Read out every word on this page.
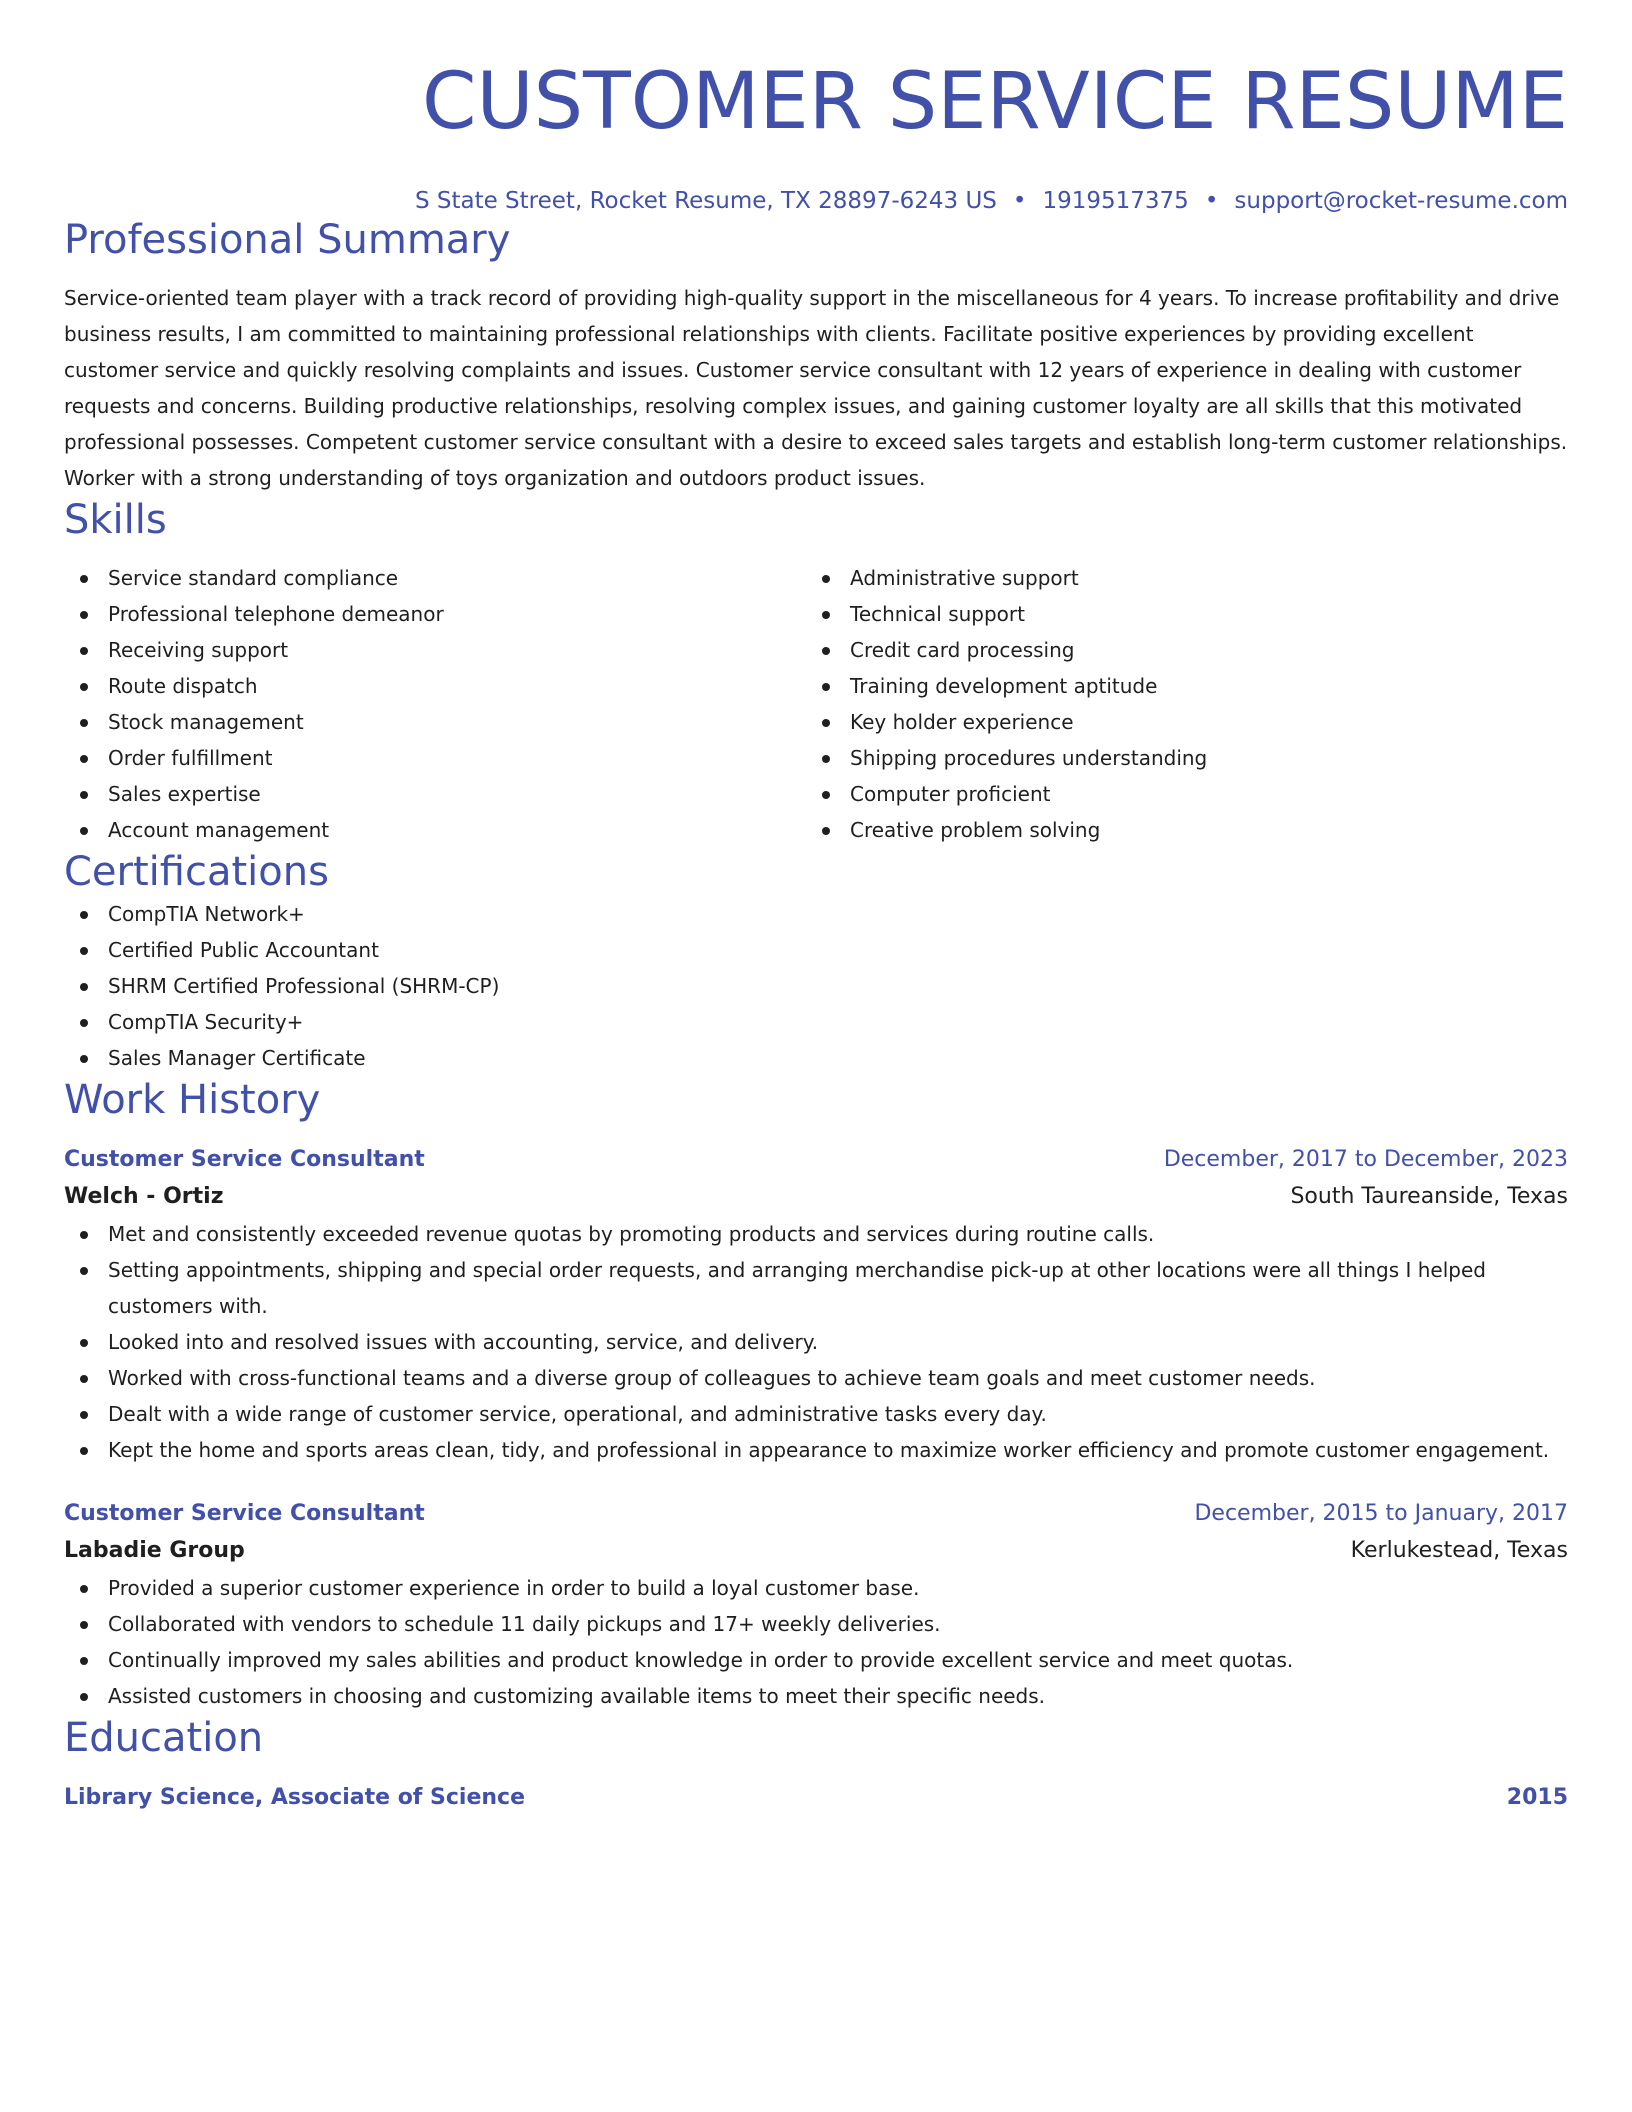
CUSTOMER SERVICE RESUME
S State Street, Rocket Resume, TX 28897-6243 US • 1919517375 • support@rocket-resume.com
Professional Summary
Service-oriented team player with a track record of providing high-quality support in the miscellaneous for 4 years. To increase profitability and drive business results, I am committed to maintaining professional relationships with clients. Facilitate positive experiences by providing excellent customer service and quickly resolving complaints and issues. Customer service consultant with 12 years of experience in dealing with customer requests and concerns. Building productive relationships, resolving complex issues, and gaining customer loyalty are all skills that this motivated professional possesses. Competent customer service consultant with a desire to exceed sales targets and establish long-term customer relationships. Worker with a strong understanding of toys organization and outdoors product issues.
Skills
Service standard compliance
Professional telephone demeanor
Receiving support
Route dispatch
Stock management
Order fulfillment
Sales expertise
Account management
Administrative support
Technical support
Credit card processing
Training development aptitude
Key holder experience
Shipping procedures understanding
Computer proficient
Creative problem solving
Certifications
CompTIA Network+
Certified Public Accountant
SHRM Certified Professional (SHRM-CP)
CompTIA Security+
Sales Manager Certificate
Work History
Customer Service Consultant	December, 2017 to December, 2023
Welch - Ortiz	South Taureanside, Texas
Met and consistently exceeded revenue quotas by promoting products and services during routine calls.
Setting appointments, shipping and special order requests, and arranging merchandise pick-up at other locations were all things I helped customers with.
Looked into and resolved issues with accounting, service, and delivery.
Worked with cross-functional teams and a diverse group of colleagues to achieve team goals and meet customer needs.
Dealt with a wide range of customer service, operational, and administrative tasks every day.
Kept the home and sports areas clean, tidy, and professional in appearance to maximize worker efficiency and promote customer engagement.
Customer Service Consultant	December, 2015 to January, 2017
Labadie Group	Kerlukestead, Texas
Provided a superior customer experience in order to build a loyal customer base.
Collaborated with vendors to schedule 11 daily pickups and 17+ weekly deliveries.
Continually improved my sales abilities and product knowledge in order to provide excellent service and meet quotas.
Assisted customers in choosing and customizing available items to meet their specific needs.
Education
Library Science, Associate of Science	2015
